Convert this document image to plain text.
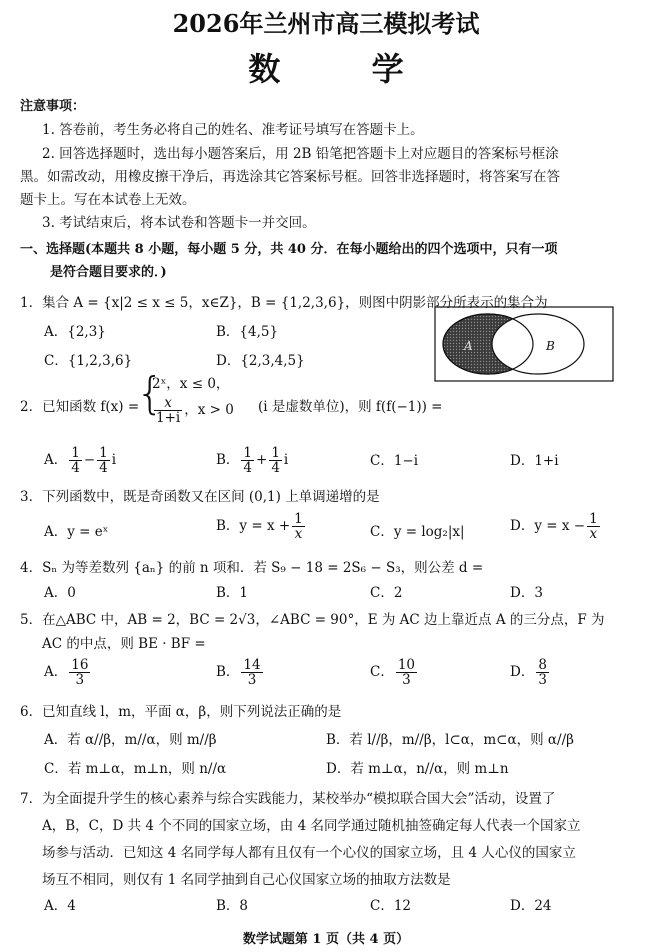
2026年兰州市高三模拟考试
数 学
注意事项：
1. 答卷前，考生务必将自己的姓名、准考证号填写在答题卡上。
2. 回答选择题时，选出每小题答案后，用 2B 铅笔把答题卡上对应题目的答案标号框涂
黑。如需改动，用橡皮擦干净后，再选涂其它答案标号框。回答非选择题时，将答案写在答
题卡上。写在本试卷上无效。
3. 考试结束后，将本试卷和答题卡一并交回。
一、选择题(本题共 8 小题，每小题 5 分，共 40 分．在每小题给出的四个选项中，只有一项
是符合题目要求的．)
1．集合 A = {x|2 ≤ x ≤ 5，x∈Z}，B = {1,2,3,6}，则图中阴影部分所表示的集合为
A．{2,3}	B．{4,5}
C．{1,2,3,6}	D．{2,3,4,5}
A	B
2．已知函数 f(x) =
{
2ˣ，x ≤ 0，
$\frac{x}{1+i}$ ，x > 0 (i 是虚数单位)，则 f(f(−1)) =
A． $\frac{1}{4} - \frac{1}{4}$ i	B． $\frac{1}{4} + \frac{1}{4}$ i	C．1−i	D．1+i
3．下列函数中，既是奇函数又在区间 (0,1) 上单调递增的是
A．y = eˣ	B．$y = x + \frac{1}{x}$	C．y = log₂|x|	D．$y = x - \frac{1}{x}$
4．Sₙ 为等差数列 {aₙ} 的前 n 项和．若 S₉ − 18 = 2S₆ − S₃，则公差 d =
A．0	B．1	C．2	D．3
5．在△ABC 中，AB = 2，BC = 2√3，∠ABC = 90°，E 为 AC 边上靠近点 A 的三分点，F 为
AC 的中点，则 BE · BF =
A． $\frac{16}{3}$	B． $\frac{14}{3}$	C． $\frac{10}{3}$	D． $\frac{8}{3}$
6．已知直线 l，m，平面 α，β，则下列说法正确的是
A．若 α//β，m//α，则 m//β	B．若 l//β，m//β，l⊂α，m⊂α，则 α//β
C．若 m⊥α，m⊥n，则 n//α	D．若 m⊥α，n//α，则 m⊥n
7．为全面提升学生的核心素养与综合实践能力，某校举办“模拟联合国大会”活动，设置了
A，B，C，D 共 4 个不同的国家立场，由 4 名同学通过随机抽签确定每人代表一个国家立
场参与活动．已知这 4 名同学每人都有且仅有一个心仪的国家立场，且 4 人心仪的国家立
场互不相同，则仅有 1 名同学抽到自己心仪国家立场的抽取方法数是
A．4	B．8	C．12	D．24
数学试题第 1 页（共 4 页）
